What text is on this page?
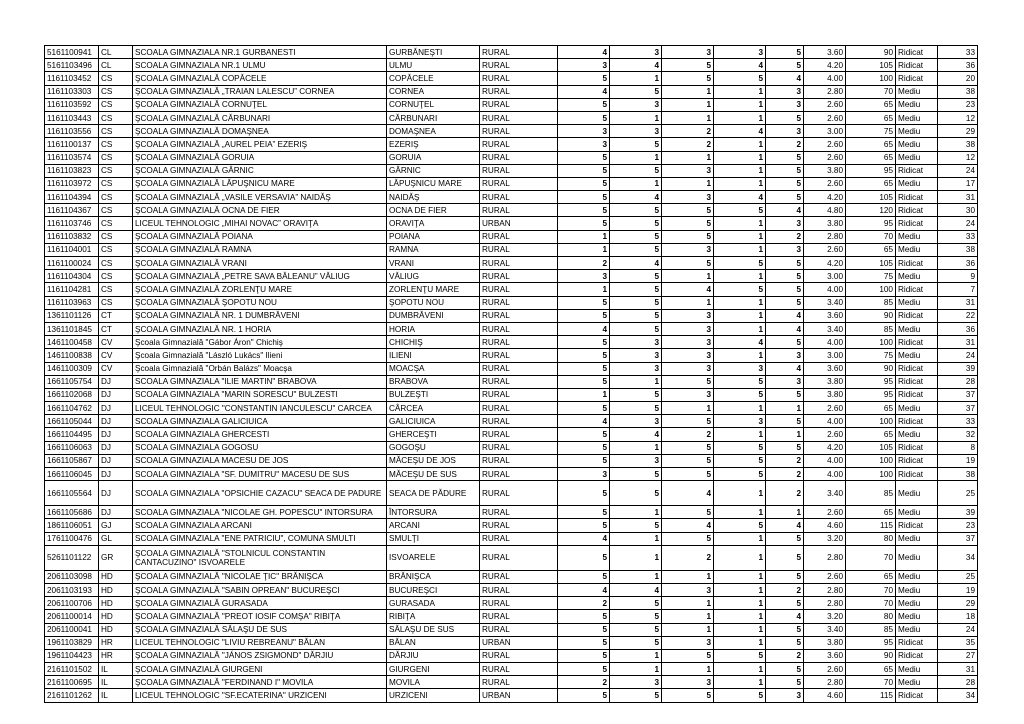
5161100941	CL	SCOALA GIMNAZIALA NR.1 GURBANESTI	GURBĂNEŞTI	RURAL	4	3	3	3	5	3.60	90	Ridicat	33
5161103496	CL	SCOALA GIMNAZIALA NR.1 ULMU	ULMU	RURAL	3	4	5	4	5	4.20	105	Ridicat	36
1161103452	CS	ŞCOALA GIMNAZIALĂ COPĂCELE	COPĂCELE	RURAL	5	1	5	5	4	4.00	100	Ridicat	20
1161103303	CS	ŞCOALA GIMNAZIALĂ „TRAIAN LALESCU” CORNEA	CORNEA	RURAL	4	5	1	1	3	2.80	70	Mediu	38
1161103592	CS	ŞCOALA GIMNAZIALĂ CORNUŢEL	CORNUŢEL	RURAL	5	3	1	1	3	2.60	65	Mediu	23
1161103443	CS	ŞCOALA GIMNAZIALĂ CĂRBUNARI	CĂRBUNARI	RURAL	5	1	1	1	5	2.60	65	Mediu	12
1161103556	CS	ŞCOALA GIMNAZIALĂ DOMAŞNEA	DOMAŞNEA	RURAL	3	3	2	4	3	3.00	75	Mediu	29
1161100137	CS	ŞCOALA GIMNAZIALĂ „AUREL PEIA” EZERIŞ	EZERIŞ	RURAL	3	5	2	1	2	2.60	65	Mediu	38
1161103574	CS	ŞCOALA GIMNAZIALĂ GORUIA	GORUIA	RURAL	5	1	1	1	5	2.60	65	Mediu	12
1161103823	CS	ŞCOALA GIMNAZIALĂ GÂRNIC	GÂRNIC	RURAL	5	5	3	1	5	3.80	95	Ridicat	24
1161103972	CS	ŞCOALA GIMNAZIALĂ LĂPUŞNICU MARE	LĂPUŞNICU MARE	RURAL	5	1	1	1	5	2.60	65	Mediu	17
1161104394	CS	ŞCOALA GIMNAZIALĂ „VASILE VERSAVIA” NAIDĂŞ	NAIDĂŞ	RURAL	5	4	3	4	5	4.20	105	Ridicat	31
1161104367	CS	ŞCOALA GIMNAZIALĂ OCNA DE FIER	OCNA DE FIER	RURAL	5	5	5	5	4	4.80	120	Ridicat	30
1161103746	CS	LICEUL TEHNOLOGIC „MIHAI NOVAC” ORAVIŢA	ORAVIŢA	URBAN	5	5	5	1	3	3.80	95	Ridicat	24
1161103832	CS	ŞCOALA GIMNAZIALĂ POIANA	POIANA	RURAL	1	5	5	1	2	2.80	70	Mediu	33
1161104001	CS	ŞCOALA GIMNAZIALĂ RAMNA	RAMNA	RURAL	1	5	3	1	3	2.60	65	Mediu	38
1161100024	CS	ŞCOALA GIMNAZIALĂ VRANI	VRANI	RURAL	2	4	5	5	5	4.20	105	Ridicat	36
1161104304	CS	ŞCOALA GIMNAZIALĂ „PETRE SAVA BĂLEANU” VĂLIUG	VĂLIUG	RURAL	3	5	1	1	5	3.00	75	Mediu	9
1161104281	CS	ŞCOALA GIMNAZIALĂ ZORLENŢU MARE	ZORLENŢU MARE	RURAL	1	5	4	5	5	4.00	100	Ridicat	7
1161103963	CS	ŞCOALA GIMNAZIALĂ ŞOPOTU NOU	ŞOPOTU NOU	RURAL	5	5	1	1	5	3.40	85	Mediu	31
1361101126	CT	ŞCOALA GIMNAZIALĂ NR. 1 DUMBRĂVENI	DUMBRĂVENI	RURAL	5	5	3	1	4	3.60	90	Ridicat	22
1361101845	CT	ŞCOALA GIMNAZIALĂ NR. 1 HORIA	HORIA	RURAL	4	5	3	1	4	3.40	85	Mediu	36
1461100458	CV	Şcoala Gimnazială "Gábor Áron" Chichiş	CHICHIŞ	RURAL	5	3	3	4	5	4.00	100	Ridicat	31
1461100838	CV	Şcoala Gimnazială "László Lukács" Ilieni	ILIENI	RURAL	5	3	3	1	3	3.00	75	Mediu	24
1461100309	CV	Şcoala Gimnazială "Orbán Balázs" Moacşa	MOACŞA	RURAL	5	3	3	3	4	3.60	90	Ridicat	39
1661105754	DJ	SCOALA GIMNAZIALA "ILIE MARTIN" BRABOVA	BRABOVA	RURAL	5	1	5	5	3	3.80	95	Ridicat	28
1661102068	DJ	SCOALA GIMNAZIALA "MARIN SORESCU" BULZESTI	BULZEŞTI	RURAL	1	5	3	5	5	3.80	95	Ridicat	37
1661104762	DJ	LICEUL TEHNOLOGIC "CONSTANTIN IANCULESCU" CARCEA	CÂRCEA	RURAL	5	5	1	1	1	2.60	65	Mediu	37
1661105044	DJ	SCOALA GIMNAZIALA GALICIUICA	GALICIUICA	RURAL	4	3	5	3	5	4.00	100	Ridicat	33
1661104495	DJ	SCOALA GIMNAZIALA GHERCESTI	GHERCEŞTI	RURAL	5	4	2	1	1	2.60	65	Mediu	32
1661106063	DJ	SCOALA GIMNAZIALA GOGOSU	GOGOŞU	RURAL	5	1	5	5	5	4.20	105	Ridicat	8
1661105867	DJ	SCOALA GIMNAZIALA MACESU DE JOS	MĂCEŞU DE JOS	RURAL	5	3	5	5	2	4.00	100	Ridicat	19
1661106045	DJ	SCOALA GIMNAZIALA "SF. DUMITRU" MACESU DE SUS	MĂCEŞU DE SUS	RURAL	3	5	5	5	2	4.00	100	Ridicat	38
1661105564	DJ	SCOALA GIMNAZIALA "OPSICHIE CAZACU" SEACA DE PADURE	SEACA DE PĂDURE	RURAL	5	5	4	1	2	3.40	85	Mediu	25
1661105686	DJ	SCOALA GIMNAZIALA "NICOLAE GH. POPESCU" INTORSURA	ÎNTORSURA	RURAL	5	1	5	1	1	2.60	65	Mediu	39
1861106051	GJ	SCOALA GIMNAZIALA ARCANI	ARCANI	RURAL	5	5	4	5	4	4.60	115	Ridicat	23
1761100476	GL	SCOALA GIMNAZIALA "ENE PATRICIU", COMUNA SMULTI	SMULŢI	RURAL	4	1	5	1	5	3.20	80	Mediu	37
5261101122	GR	ŞCOALA GIMNAZIALĂ "STOLNICUL CONSTANTIN CANTACUZINO" ISVOARELE	ISVOARELE	RURAL	5	1	2	1	5	2.80	70	Mediu	34
2061103098	HD	ŞCOALA GIMNAZIALĂ "NICOLAE ŢIC" BRĂNIŞCA	BRĂNIŞCA	RURAL	5	1	1	1	5	2.60	65	Mediu	25
2061103193	HD	ŞCOALA GIMNAZIALĂ "SABIN OPREAN" BUCUREŞCI	BUCUREŞCI	RURAL	4	4	3	1	2	2.80	70	Mediu	19
2061100706	HD	ŞCOALA GIMNAZIALĂ GURASADA	GURASADA	RURAL	2	5	1	1	5	2.80	70	Mediu	29
2061100014	HD	ŞCOALA GIMNAZIALĂ "PREOT IOSIF COMŞA" RIBIŢA	RIBIŢA	RURAL	5	5	1	1	4	3.20	80	Mediu	18
2061100041	HD	ŞCOALA GIMNAZIALĂ SĂLAŞU DE SUS	SĂLAŞU DE SUS	RURAL	5	5	1	1	5	3.40	85	Mediu	24
1961103829	HR	LICEUL TEHNOLOGIC "LIVIU REBREANU" BĂLAN	BĂLAN	URBAN	5	5	3	1	5	3.80	95	Ridicat	35
1961104423	HR	ŞCOALA GIMNAZIALĂ "JÁNOS ZSIGMOND" DĂRJIU	DĂRJIU	RURAL	5	1	5	5	2	3.60	90	Ridicat	27
2161101502	IL	ŞCOALA GIMNAZIALĂ GIURGENI	GIURGENI	RURAL	5	1	1	1	5	2.60	65	Mediu	31
2161100695	IL	ŞCOALA GIMNAZIALĂ "FERDINAND I" MOVILA	MOVILA	RURAL	2	3	3	1	5	2.80	70	Mediu	28
2161101262	IL	LICEUL TEHNOLOGIC "SF.ECATERINA" URZICENI	URZICENI	URBAN	5	5	5	5	3	4.60	115	Ridicat	34
